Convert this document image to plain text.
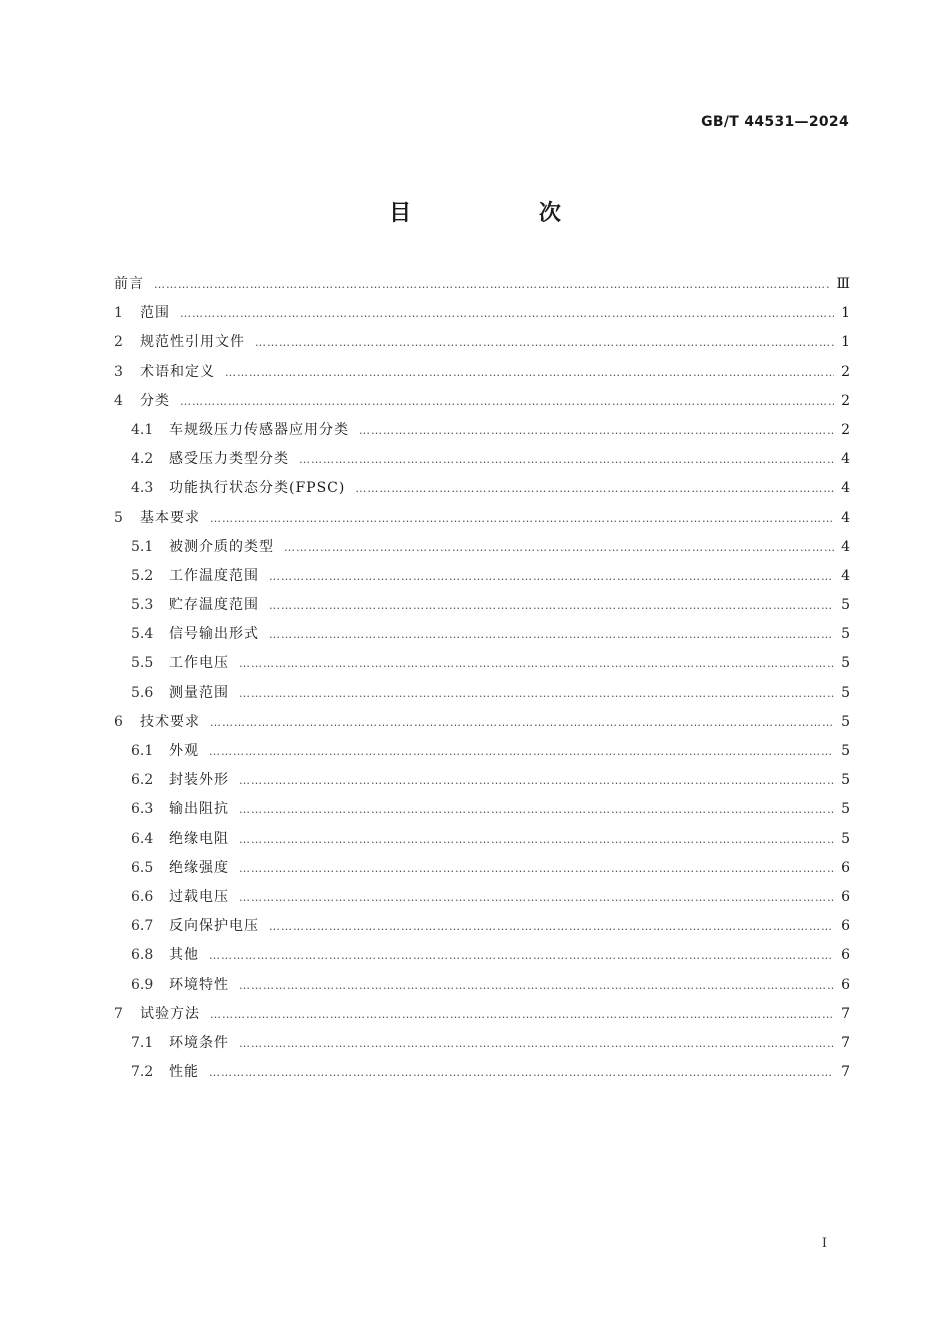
GB/T 44531—2024
目 次
前言 ……………………………………………………………………………………………………………………………………………………………………………………………………………………………………	Ⅲ
1	范围 ……………………………………………………………………………………………………………………………………………………………………………………………………………………………………	1
2	规范性引用文件 ……………………………………………………………………………………………………………………………………………………………………………………………………………………………………	1
3	术语和定义 ……………………………………………………………………………………………………………………………………………………………………………………………………………………………………	2
4	分类 ……………………………………………………………………………………………………………………………………………………………………………………………………………………………………	2
4.1	车规级压力传感器应用分类 ……………………………………………………………………………………………………………………………………………………………………………………………………………………………………	2
4.2	感受压力类型分类 ……………………………………………………………………………………………………………………………………………………………………………………………………………………………………	4
4.3	功能执行状态分类(FPSC) ……………………………………………………………………………………………………………………………………………………………………………………………………………………………………	4
5	基本要求 ……………………………………………………………………………………………………………………………………………………………………………………………………………………………………	4
5.1	被测介质的类型 ……………………………………………………………………………………………………………………………………………………………………………………………………………………………………	4
5.2	工作温度范围 ……………………………………………………………………………………………………………………………………………………………………………………………………………………………………	4
5.3	贮存温度范围 ……………………………………………………………………………………………………………………………………………………………………………………………………………………………………	5
5.4	信号输出形式 ……………………………………………………………………………………………………………………………………………………………………………………………………………………………………	5
5.5	工作电压 ……………………………………………………………………………………………………………………………………………………………………………………………………………………………………	5
5.6	测量范围 ……………………………………………………………………………………………………………………………………………………………………………………………………………………………………	5
6	技术要求 ……………………………………………………………………………………………………………………………………………………………………………………………………………………………………	5
6.1	外观 ……………………………………………………………………………………………………………………………………………………………………………………………………………………………………	5
6.2	封装外形 ……………………………………………………………………………………………………………………………………………………………………………………………………………………………………	5
6.3	输出阻抗 ……………………………………………………………………………………………………………………………………………………………………………………………………………………………………	5
6.4	绝缘电阻 ……………………………………………………………………………………………………………………………………………………………………………………………………………………………………	5
6.5	绝缘强度 ……………………………………………………………………………………………………………………………………………………………………………………………………………………………………	6
6.6	过载电压 ……………………………………………………………………………………………………………………………………………………………………………………………………………………………………	6
6.7	反向保护电压 ……………………………………………………………………………………………………………………………………………………………………………………………………………………………………	6
6.8	其他 ……………………………………………………………………………………………………………………………………………………………………………………………………………………………………	6
6.9	环境特性 ……………………………………………………………………………………………………………………………………………………………………………………………………………………………………	6
7	试验方法 ……………………………………………………………………………………………………………………………………………………………………………………………………………………………………	7
7.1	环境条件 ……………………………………………………………………………………………………………………………………………………………………………………………………………………………………	7
7.2	性能 ……………………………………………………………………………………………………………………………………………………………………………………………………………………………………	7
I
